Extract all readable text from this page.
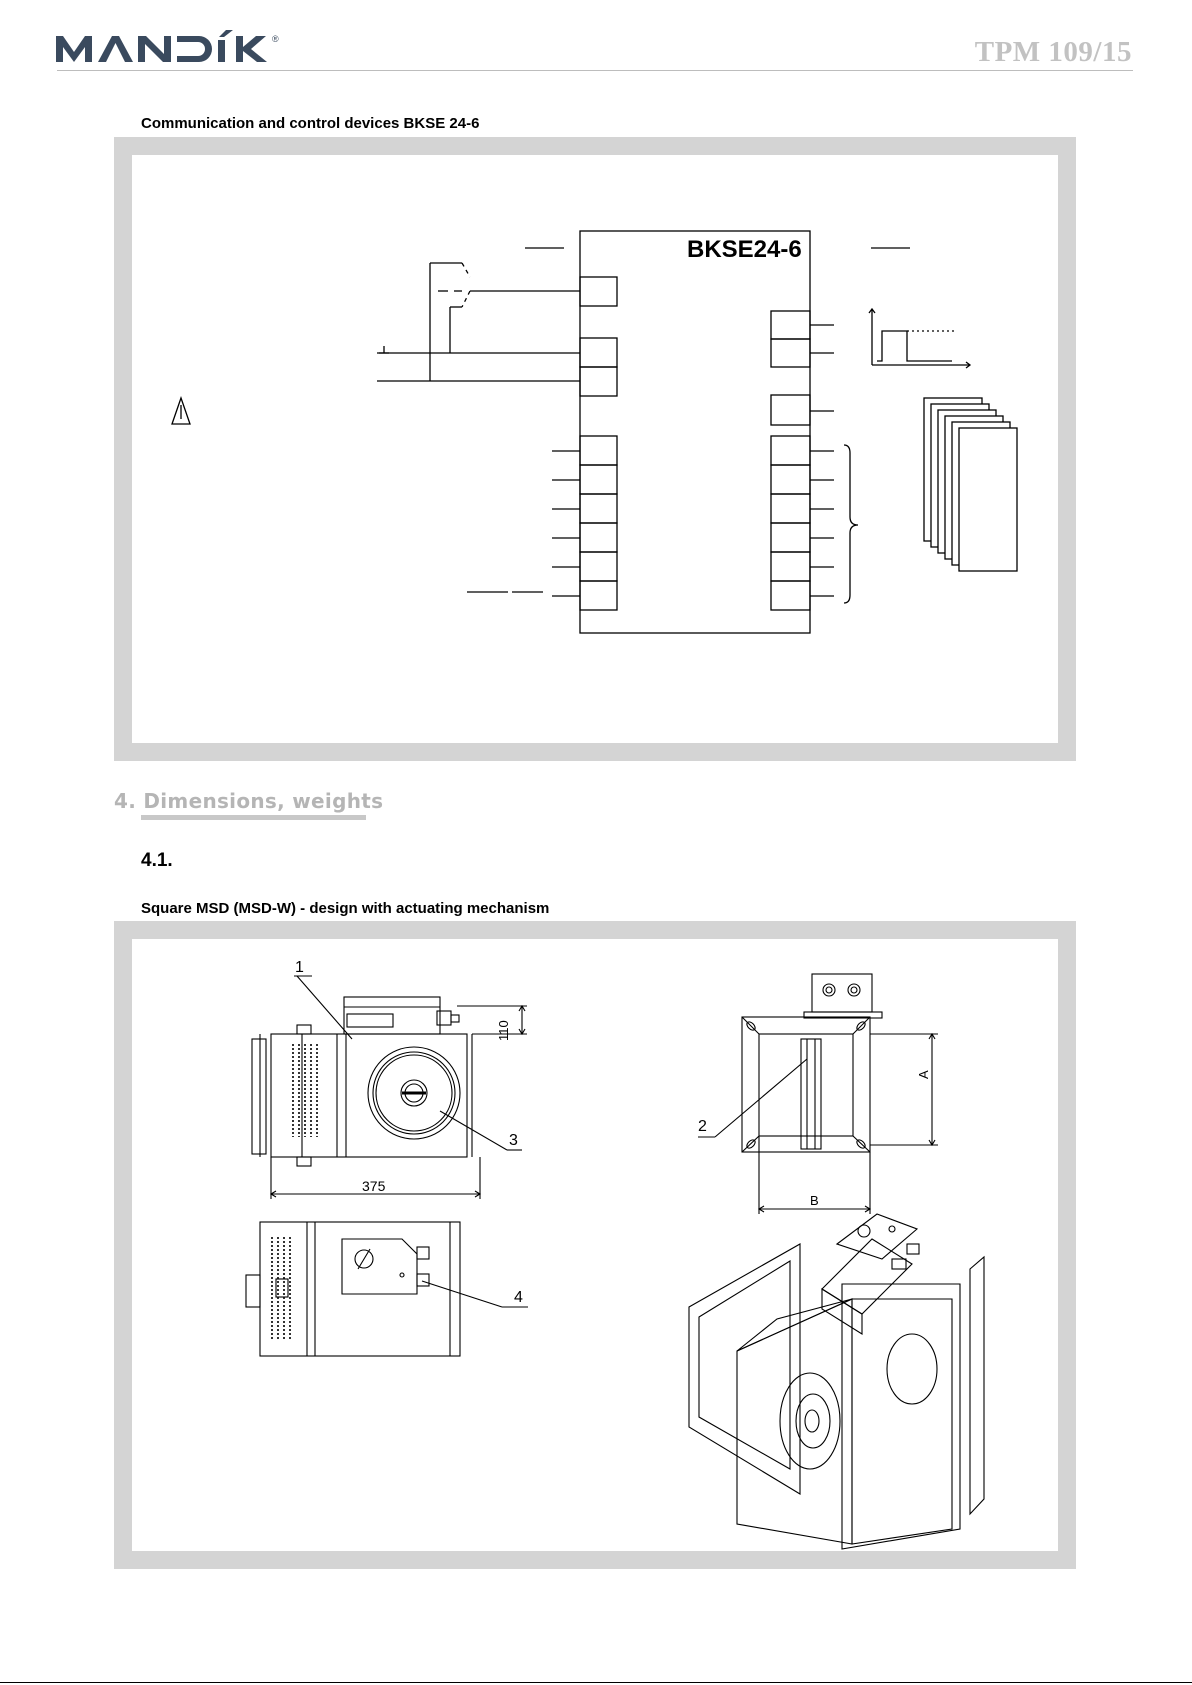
®	TPM 109/15
Communication and control devices BKSE 24-6
BKSE24-6
4. Dimensions, weights
4.1.
Square MSD (MSD-W) - design with actuating mechanism
1
2
3
4
375
110
A
B
